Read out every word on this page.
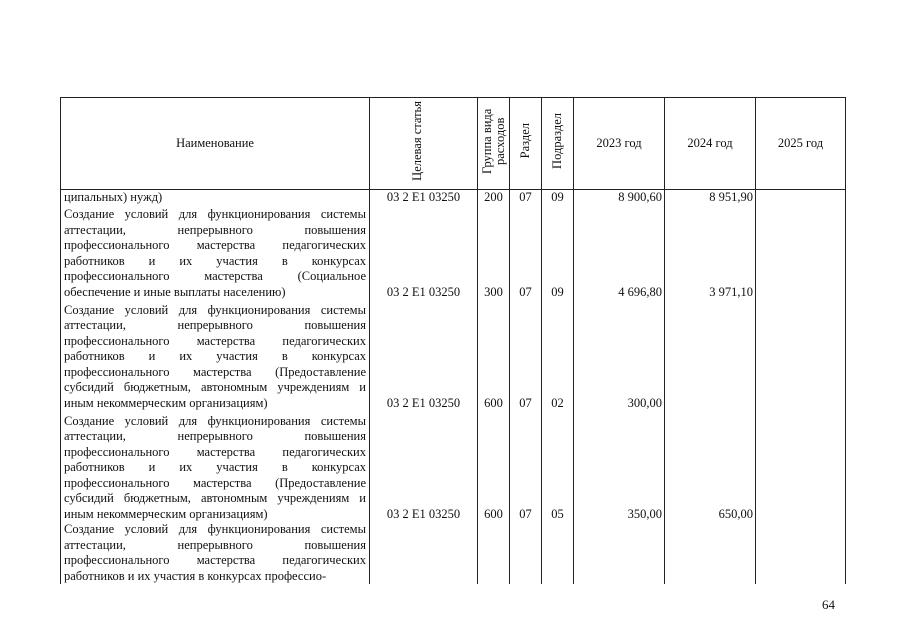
Наименование	Целевая статья	Группа вида расходов	Раздел	Подраздел	2023 год	2024 год	2025 год
ципальных) нужд)	03 2 Е1 03250	200	07	09	8 900,60	8 951,90	
Создание условий для функционирования системы аттестации, непрерывного повышения профессионального мастерства педагогических работников и их участия в конкурсах профессионального мастерства (Социальное обеспечение и иные выплаты населению)	03 2 Е1 03250	300	07	09	4 696,80	3 971,10	
Создание условий для функционирования системы аттестации, непрерывного повышения профессионального мастерства педагогических работников и их участия в конкурсах профессионального мастерства (Предоставление субсидий бюджетным, автономным учреждениям и иным некоммерческим организациям)	03 2 Е1 03250	600	07	02	300,00		
Создание условий для функционирования системы аттестации, непрерывного повышения профессионального мастерства педагогических работников и их участия в конкурсах профессионального мастерства (Предоставление субсидий бюджетным, автономным учреждениям и иным некоммерческим организациям)	03 2 Е1 03250	600	07	05	350,00	650,00	
Создание условий для функционирования системы аттестации, непрерывного повышения профессионального мастерства педагогических работников и их участия в конкурсах профессио-							
64
